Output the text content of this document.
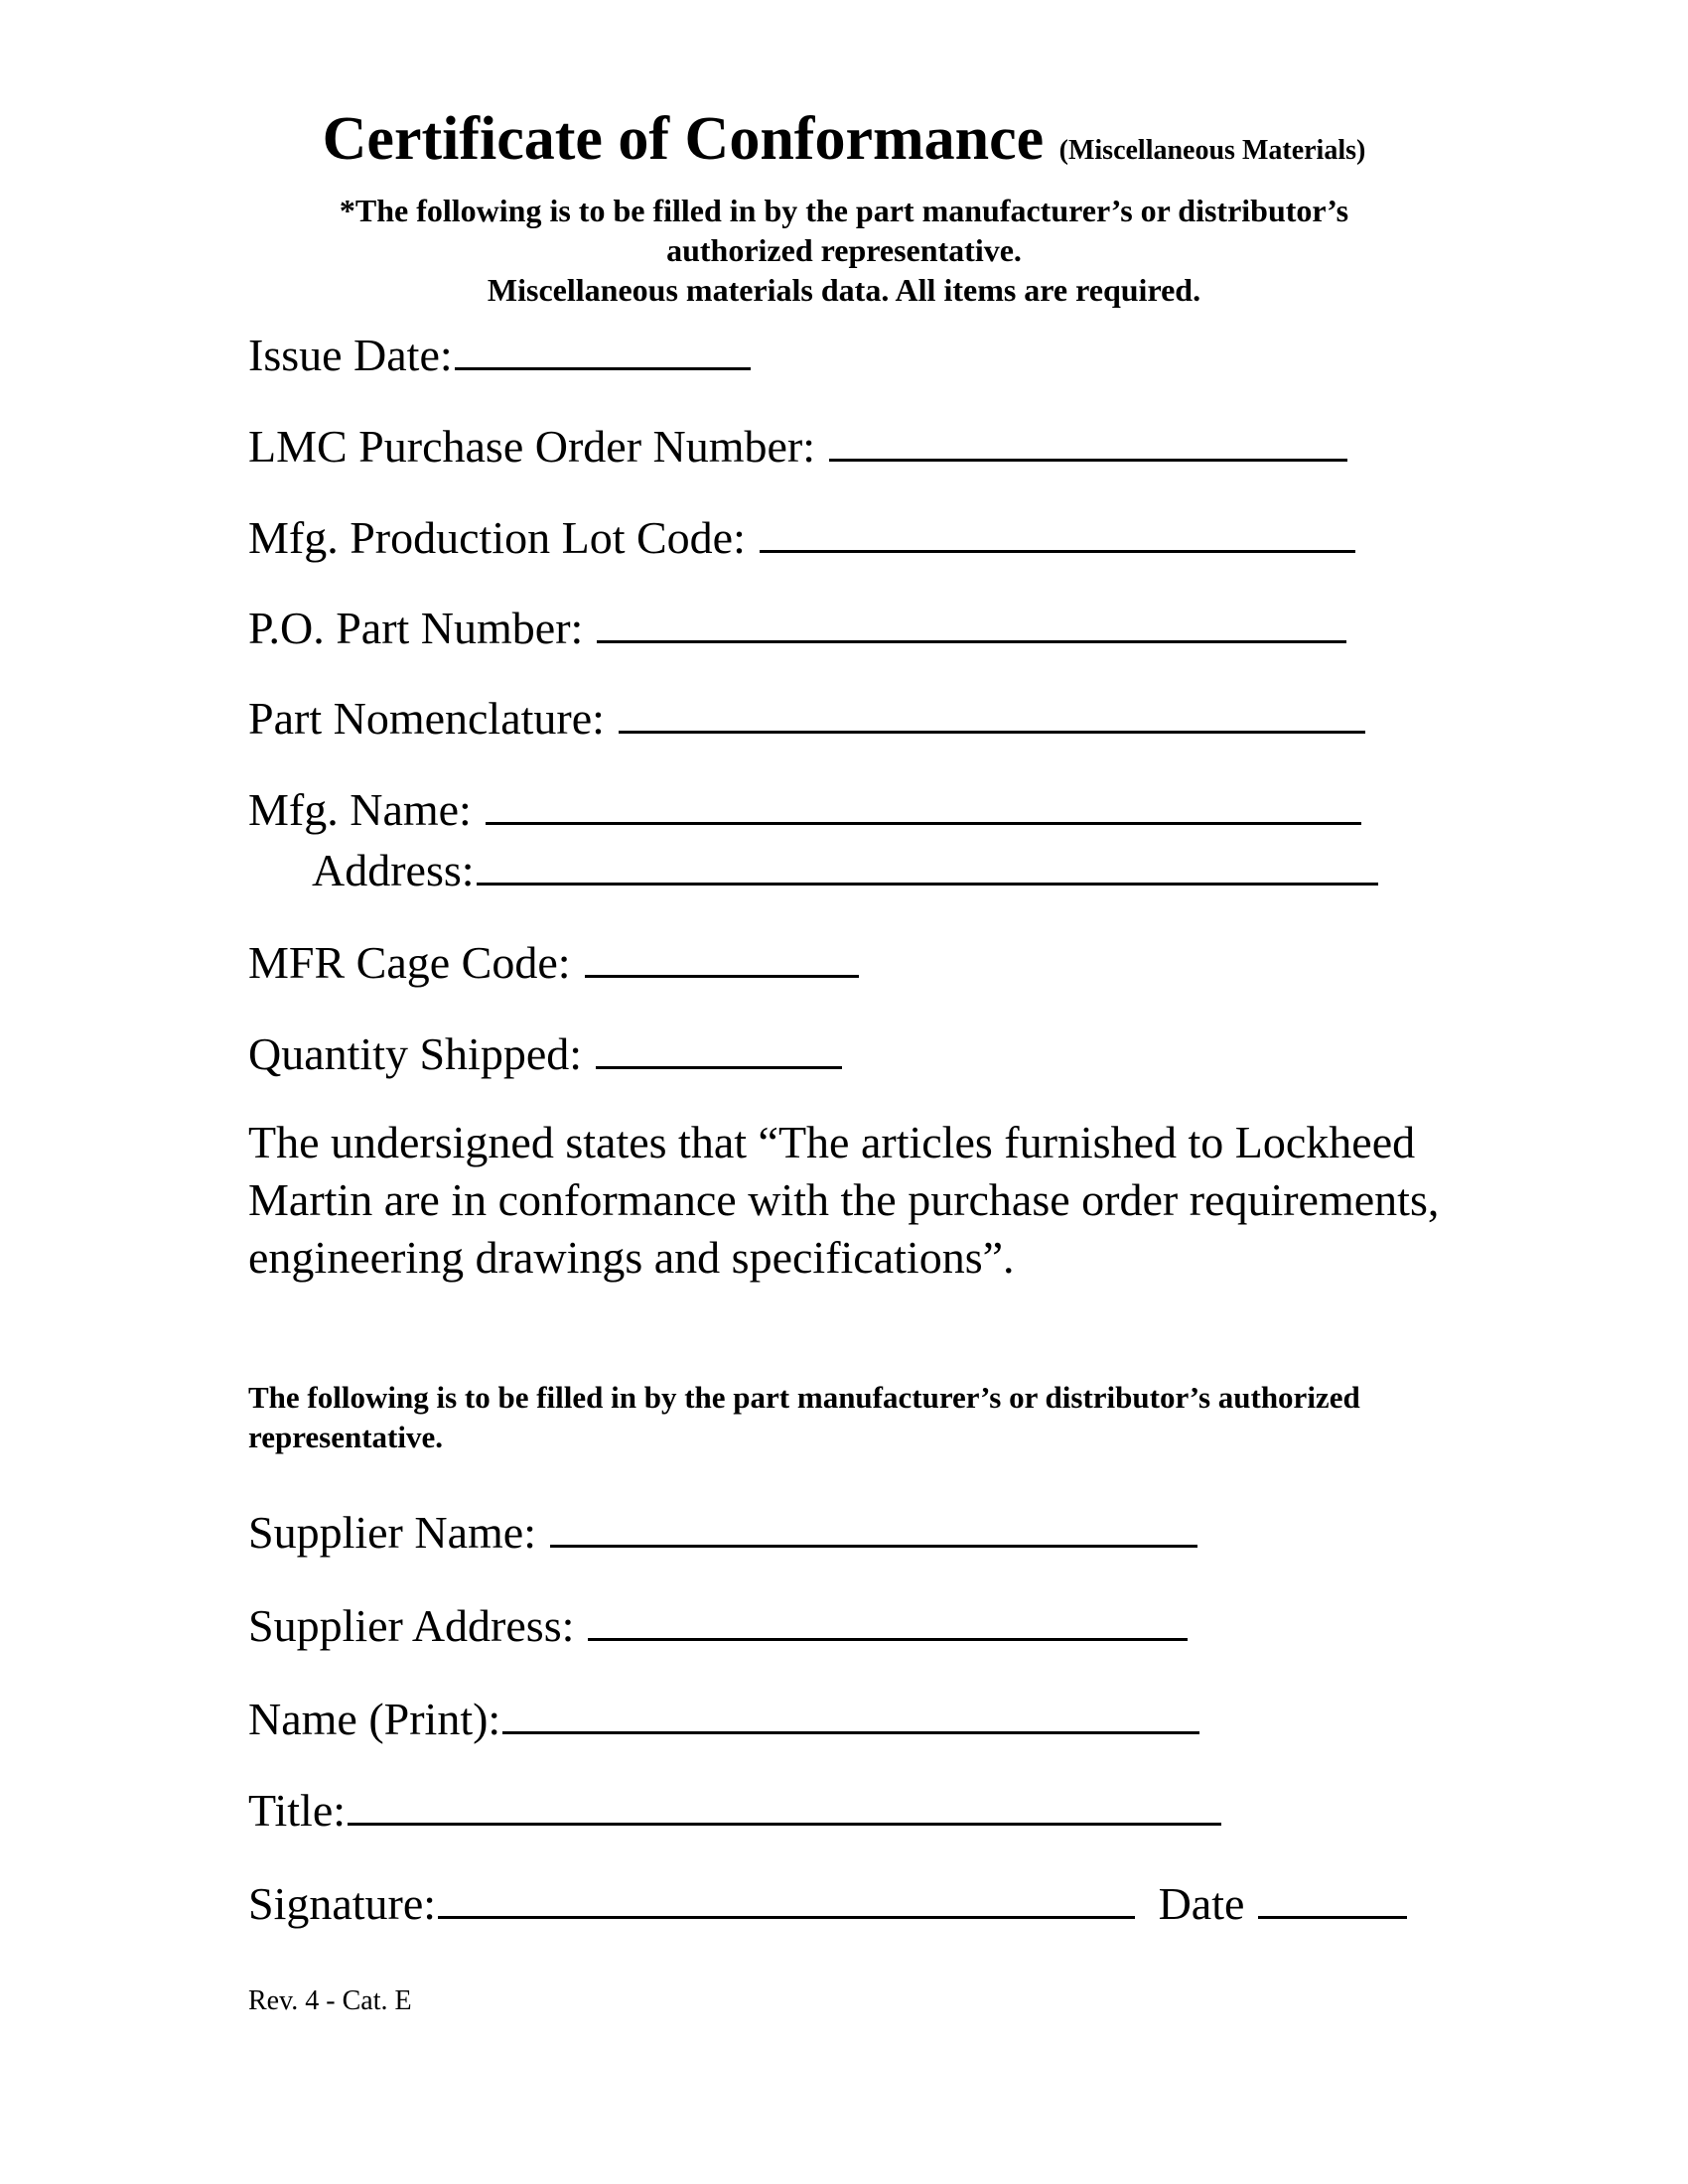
Certificate of Conformance (Miscellaneous Materials)
*The following is to be filled in by the part manufacturer’s or distributor’s
authorized representative.
Miscellaneous materials data. All items are required.
Issue Date:
LMC Purchase Order Number:
Mfg. Production Lot Code:
P.O. Part Number:
Part Nomenclature:
Mfg. Name:
Address:
MFR Cage Code:
Quantity Shipped:
The undersigned states that “The articles furnished to Lockheed Martin are in conformance with the purchase order requirements, engineering drawings and specifications”.
The following is to be filled in by the part manufacturer’s or distributor’s authorized representative.
Supplier Name:
Supplier Address:
Name (Print):
Title:
Signature:	Date
Rev. 4 - Cat. E
